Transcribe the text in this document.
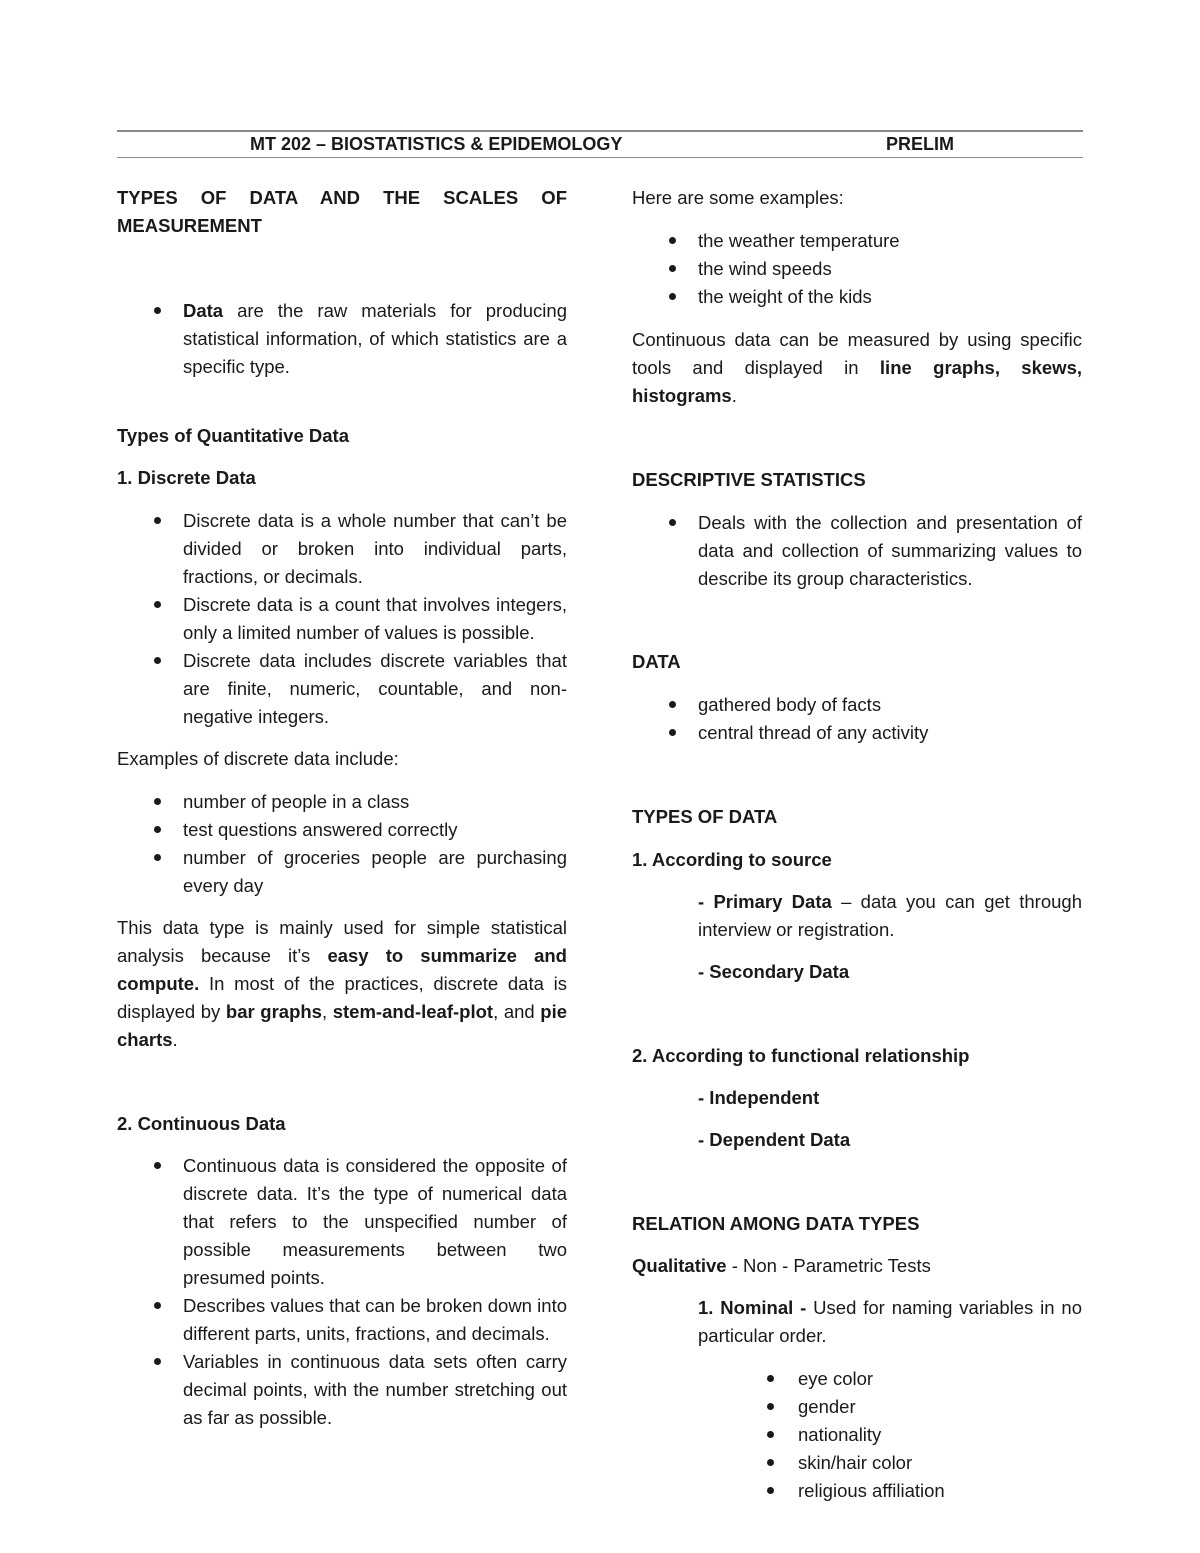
MT 202 – BIOSTATISTICS & EPIDEMOLOGY	PRELIM

TYPES OF DATA AND THE SCALES OF MEASUREMENT

Data are the raw materials for producing statistical information, of which statistics are a specific type.

Types of Quantitative Data

1. Discrete Data

Discrete data is a whole number that can’t be divided or broken into individual parts, fractions, or decimals.
Discrete data is a count that involves integers, only a limited number of values is possible.
Discrete data includes discrete variables that are finite, numeric, countable, and non-negative integers.

Examples of discrete data include:

number of people in a class
test questions answered correctly
number of groceries people are purchasing every day

This data type is mainly used for simple statistical analysis because it’s easy to summarize and compute. In most of the practices, discrete data is displayed by bar graphs, stem-and-leaf-plot, and pie charts.

2. Continuous Data

Continuous data is considered the opposite of discrete data. It’s the type of numerical data that refers to the unspecified number of possible measurements between two presumed points.
Describes values that can be broken down into different parts, units, fractions, and decimals.
Variables in continuous data sets often carry decimal points, with the number stretching out as far as possible.

Here are some examples:

the weather temperature
the wind speeds
the weight of the kids

Continuous data can be measured by using specific tools and displayed in line graphs, skews, histograms.

DESCRIPTIVE STATISTICS

Deals with the collection and presentation of data and collection of summarizing values to describe its group characteristics.

DATA

gathered body of facts
central thread of any activity

TYPES OF DATA

1. According to source

- Primary Data – data you can get through interview or registration.

- Secondary Data

2. According to functional relationship

- Independent

- Dependent Data

RELATION AMONG DATA TYPES

Qualitative - Non - Parametric Tests

1. Nominal - Used for naming variables in no particular order.

eye color
gender
nationality
skin/hair color
religious affiliation
